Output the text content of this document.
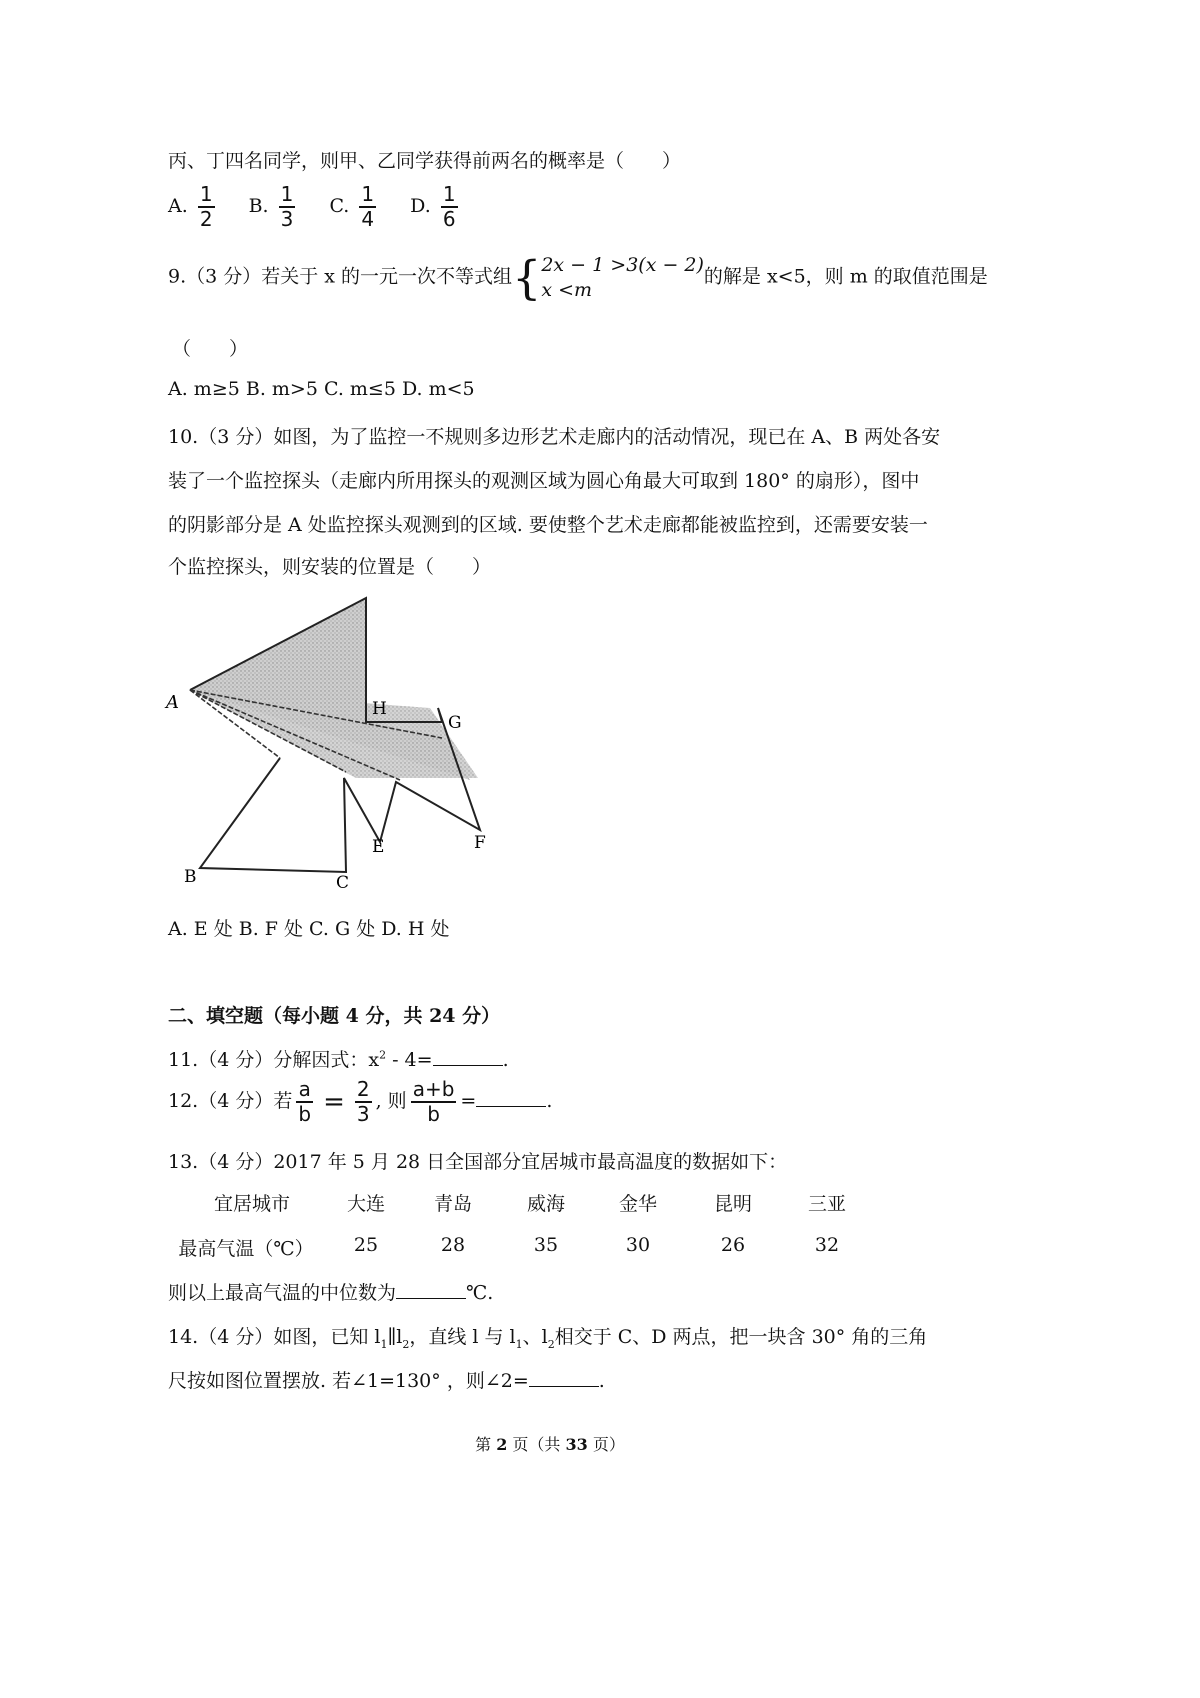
丙、丁四名同学，则甲、乙同学获得前两名的概率是（　　）
A. $\frac{1}{2} B$. $\frac{1}{3} C$. $\frac{1}{4} D$. $\frac{1}{6}$
9.（3 分）若关于 x 的一元一次不等式组{ 2x − 1 >3(x − 2)
x <m
的解是 x<5，则 m 的取值范围是
（　　）
A. m≥5 B. m>5 C. m≤5 D. m<5
10.（3 分）如图，为了监控一不规则多边形艺术走廊内的活动情况，现已在 A、B 两处各安
装了一个监控探头（走廊内所用探头的观测区域为圆心角最大可取到 180° 的扇形），图中
的阴影部分是 A 处监控探头观测到的区域. 要使整个艺术走廊都能被监控到，还需要安装一
个监控探头，则安装的位置是（　　）
A	H
G
E	F
B	C
A. E 处 B. F 处 C. G 处 D. H 处
二、填空题（每小题 4 分，共 24 分）
11.（4 分）分解因式：$x^2 - 4=$	.
12.（4 分）若 $\frac{a}{b} = \frac{2}{3}$ , 则 $\frac{a+b}{b}$ =	.
13.（4 分）2017 年 5 月 28 日全国部分宜居城市最高温度的数据如下：
宜居城市	大连	青岛	威海	金华	昆明	三亚
最高气温（℃）	25	28	35	30	26	32
则以上最高气温的中位数为	℃.
14.（4 分）如图，已知 $l_1\parallel l_2$，直线 l 与 $l_1$、$l_2$相交于 C、D 两点，把一块含 30° 角的三角
尺按如图位置摆放. 若∠1=130° ，则∠2=	.
第 2 页（共 33 页）
